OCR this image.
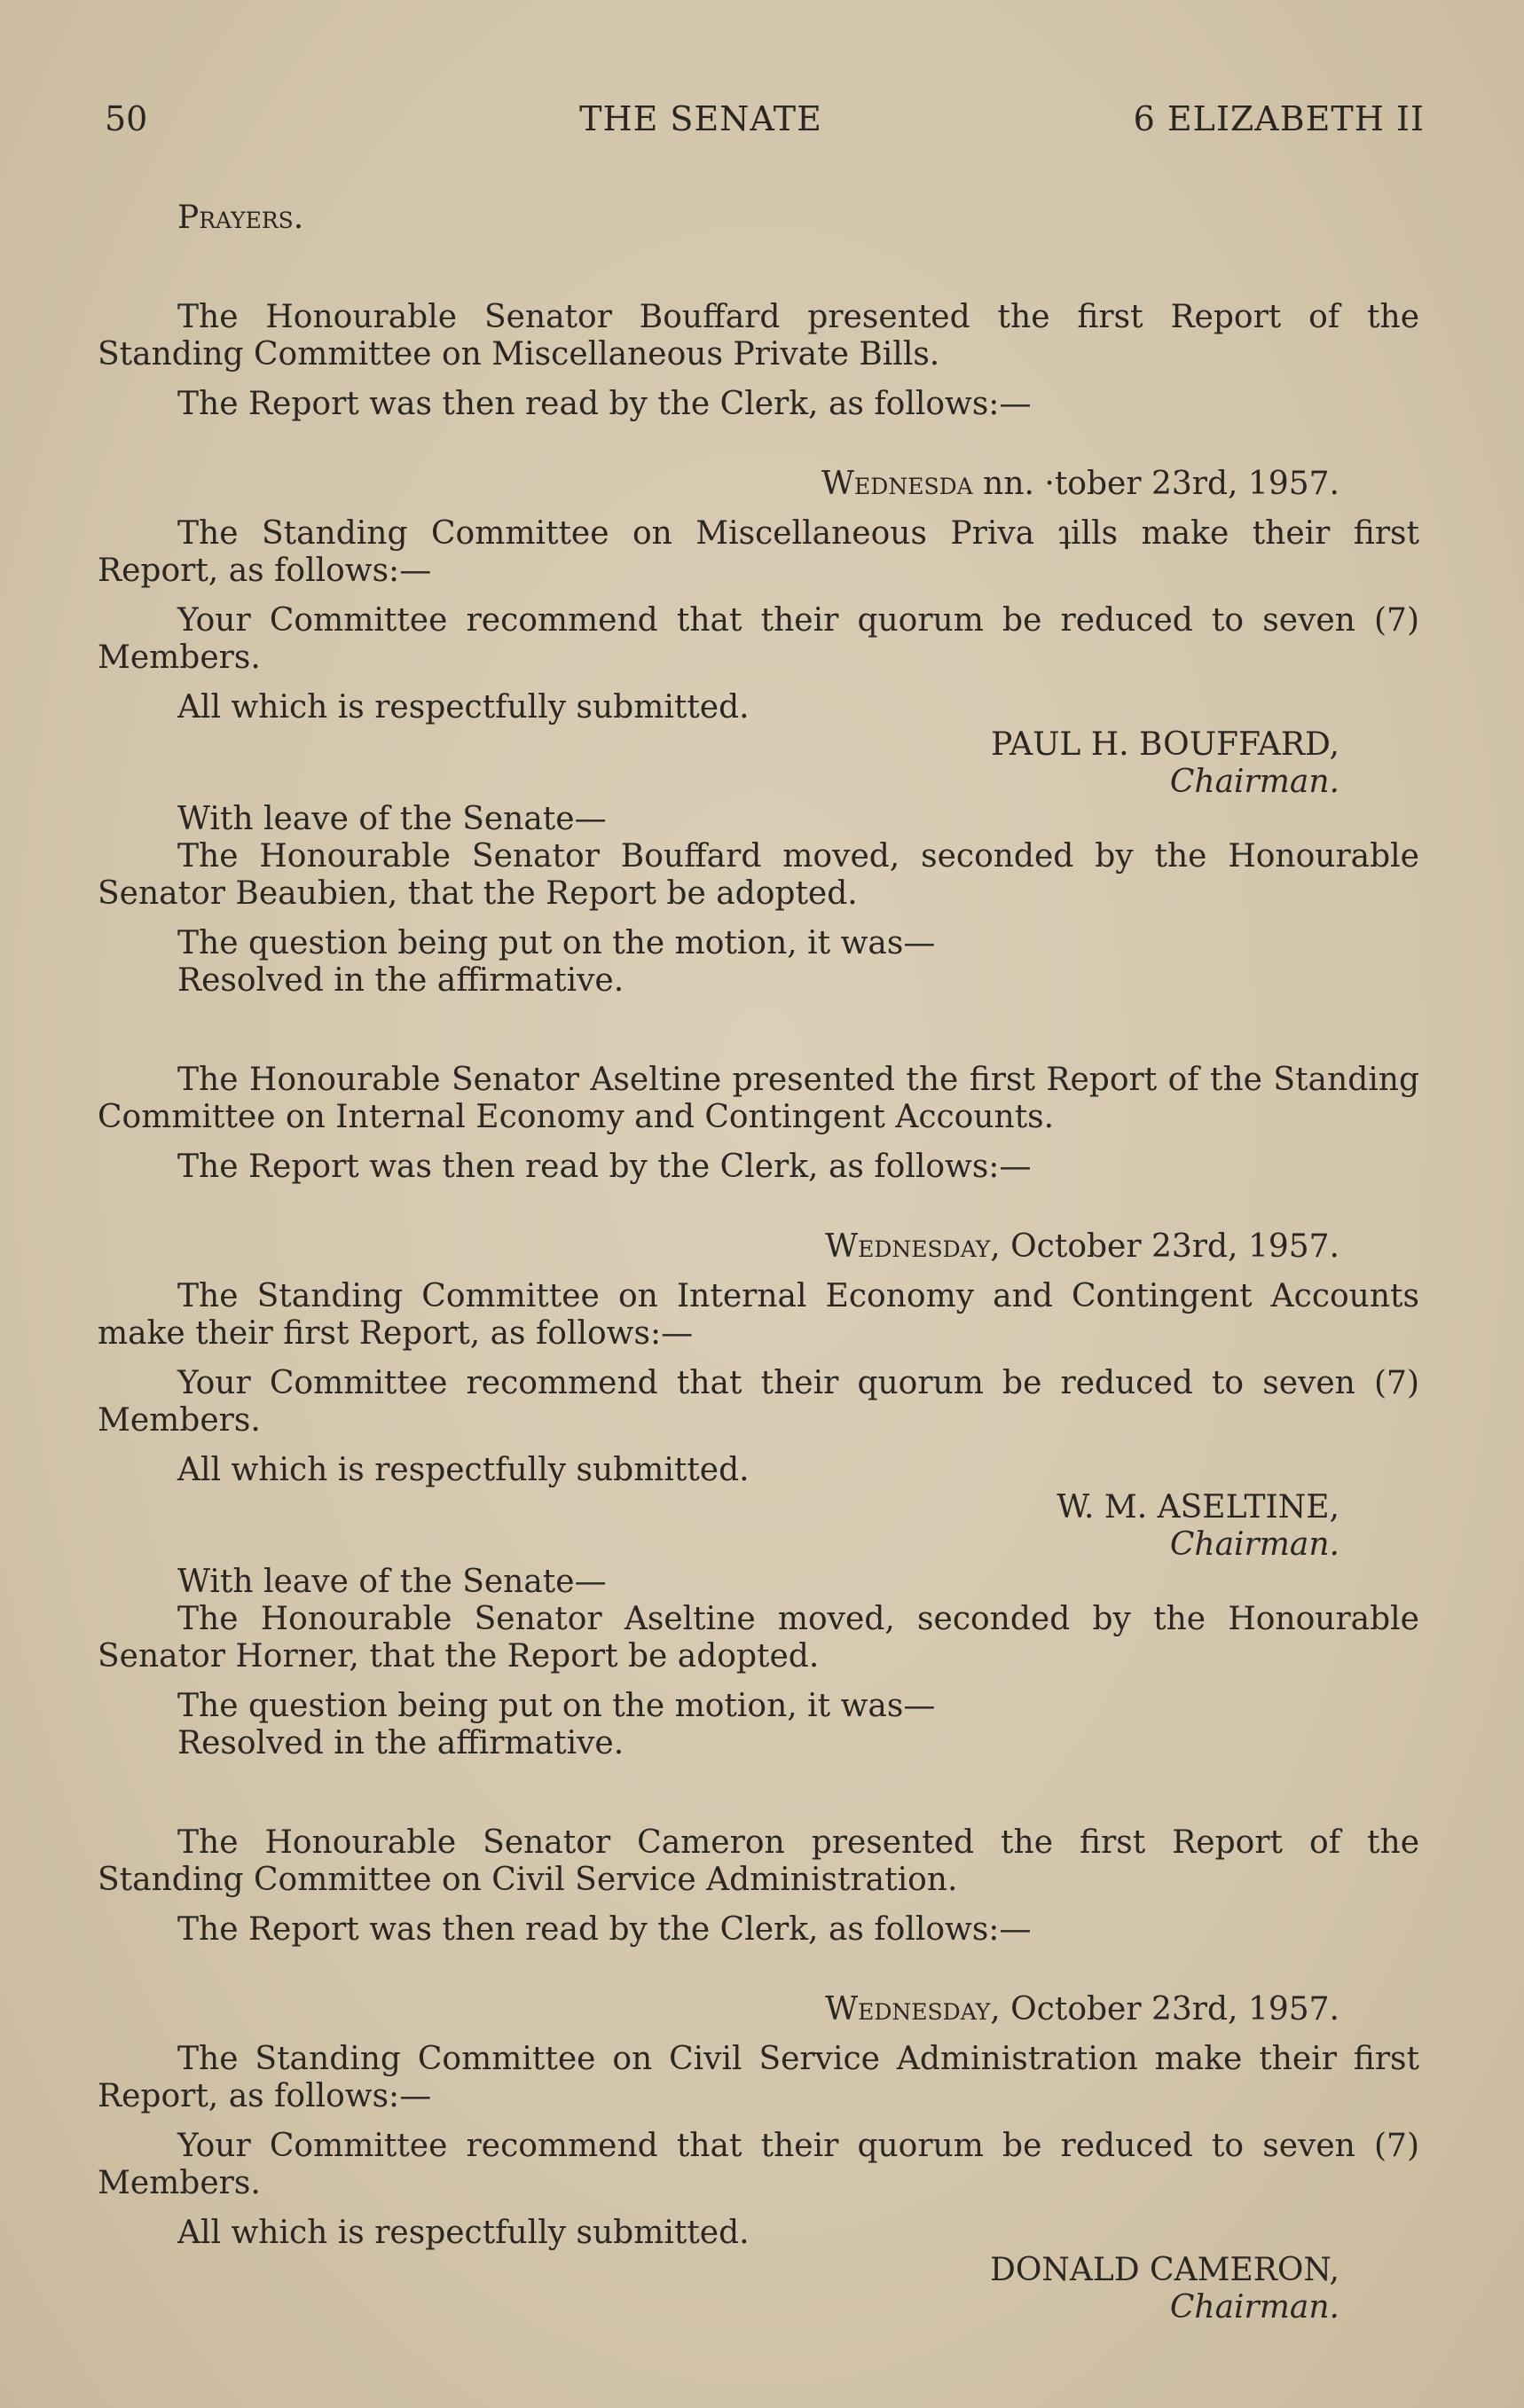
50	THE SENATE	6 ELIZABETH II

Prayers.

The Honourable Senator Bouffard presented the first Report of the Standing Committee on Miscellaneous Private Bills.

The Report was then read by the Clerk, as follows:—

Wednesda nn. ·tober 23rd, 1957.

The Standing Committee on Miscellaneous Priva ʇills make their first Report, as follows:—

Your Committee recommend that their quorum be reduced to seven (7) Members.

All which is respectfully submitted.

PAUL H. BOUFFARD,

Chairman.

With leave of the Senate—

The Honourable Senator Bouffard moved, seconded by the Honourable Senator Beaubien, that the Report be adopted.

The question being put on the motion, it was—

Resolved in the affirmative.

The Honourable Senator Aseltine presented the first Report of the Standing Committee on Internal Economy and Contingent Accounts.

The Report was then read by the Clerk, as follows:—

Wednesday, October 23rd, 1957.

The Standing Committee on Internal Economy and Contingent Accounts make their first Report, as follows:—

Your Committee recommend that their quorum be reduced to seven (7) Members.

All which is respectfully submitted.

W. M. ASELTINE,

Chairman.

With leave of the Senate—

The Honourable Senator Aseltine moved, seconded by the Honourable Senator Horner, that the Report be adopted.

The question being put on the motion, it was—

Resolved in the affirmative.

The Honourable Senator Cameron presented the first Report of the Standing Committee on Civil Service Administration.

The Report was then read by the Clerk, as follows:—

Wednesday, October 23rd, 1957.

The Standing Committee on Civil Service Administration make their first Report, as follows:—

Your Committee recommend that their quorum be reduced to seven (7) Members.

All which is respectfully submitted.

DONALD CAMERON,

Chairman.
